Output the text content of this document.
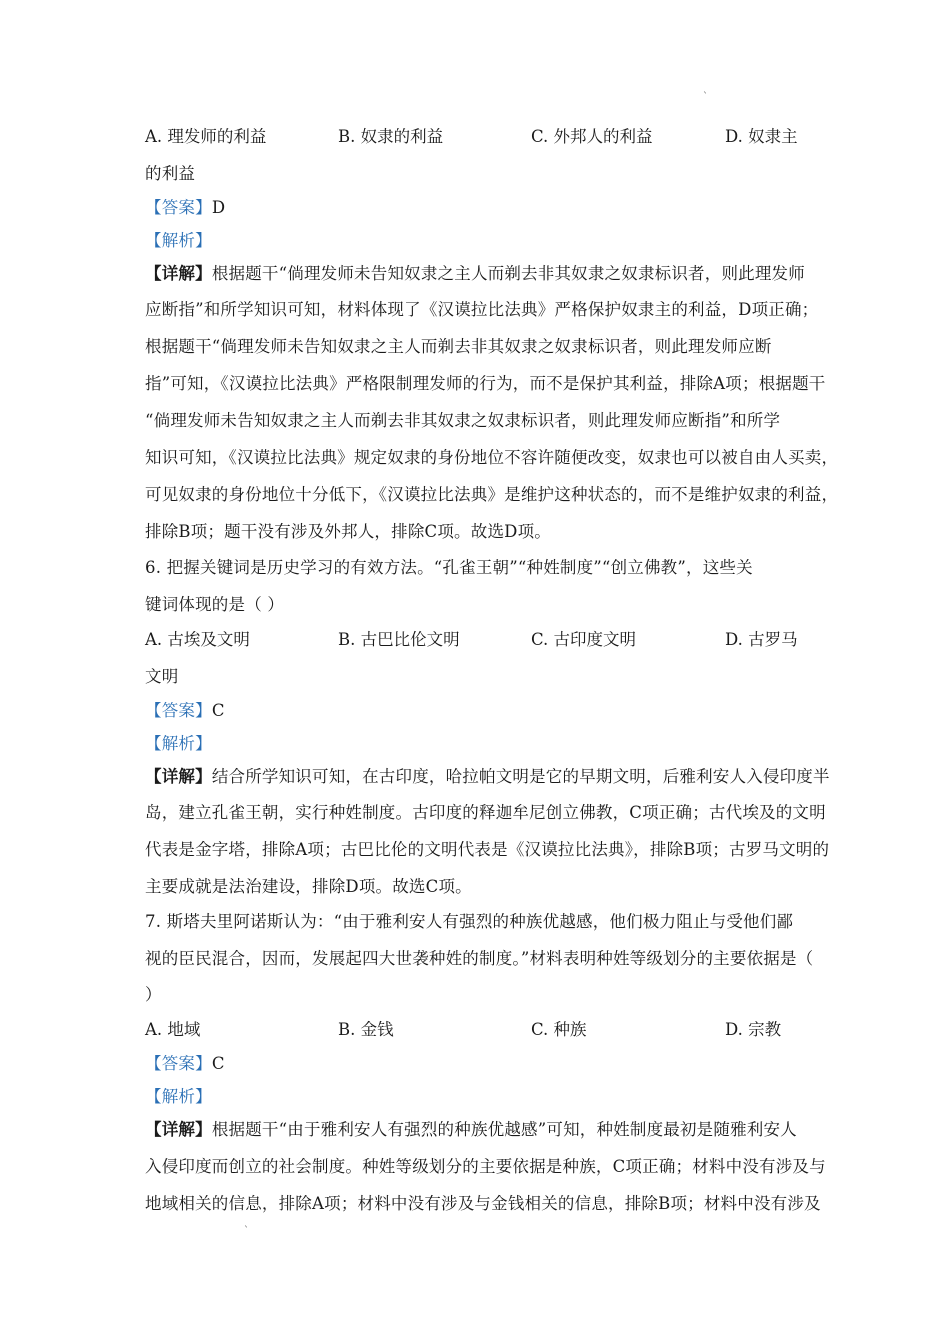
`
A. 理发师的利益	B. 奴隶的利益	C. 外邦人的利益	D. 奴隶主
的利益
【答案】D
【解析】
【详解】根据题干“倘理发师未告知奴隶之主人而剃去非其奴隶之奴隶标识者，则此理发师
应断指”和所学知识可知，材料体现了《汉谟拉比法典》严格保护奴隶主的利益，D项正确；
根据题干“倘理发师未告知奴隶之主人而剃去非其奴隶之奴隶标识者，则此理发师应断
指”可知，《汉谟拉比法典》严格限制理发师的行为，而不是保护其利益，排除A项；根据题干
“倘理发师未告知奴隶之主人而剃去非其奴隶之奴隶标识者，则此理发师应断指”和所学
知识可知，《汉谟拉比法典》规定奴隶的身份地位不容许随便改变，奴隶也可以被自由人买卖，
可见奴隶的身份地位十分低下，《汉谟拉比法典》是维护这种状态的，而不是维护奴隶的利益，
排除B项；题干没有涉及外邦人，排除C项。故选D项。
6. 把握关键词是历史学习的有效方法。“孔雀王朝”“种姓制度”“创立佛教”，这些关
键词体现的是（ ）
A. 古埃及文明	B. 古巴比伦文明	C. 古印度文明	D. 古罗马
文明
【答案】C
【解析】
【详解】结合所学知识可知，在古印度，哈拉帕文明是它的早期文明，后雅利安人入侵印度半
岛，建立孔雀王朝，实行种姓制度。古印度的释迦牟尼创立佛教，C项正确；古代埃及的文明
代表是金字塔，排除A项；古巴比伦的文明代表是《汉谟拉比法典》，排除B项；古罗马文明的
主要成就是法治建设，排除D项。故选C项。
7. 斯塔夫里阿诺斯认为：“由于雅利安人有强烈的种族优越感，他们极力阻止与受他们鄙
视的臣民混合，因而，发展起四大世袭种姓的制度。”材料表明种姓等级划分的主要依据是（
）
A. 地域	B. 金钱	C. 种族	D. 宗教
【答案】C
【解析】
【详解】根据题干“由于雅利安人有强烈的种族优越感”可知，种姓制度最初是随雅利安人
入侵印度而创立的社会制度。种姓等级划分的主要依据是种族，C项正确；材料中没有涉及与
地域相关的信息，排除A项；材料中没有涉及与金钱相关的信息，排除B项；材料中没有涉及
`
